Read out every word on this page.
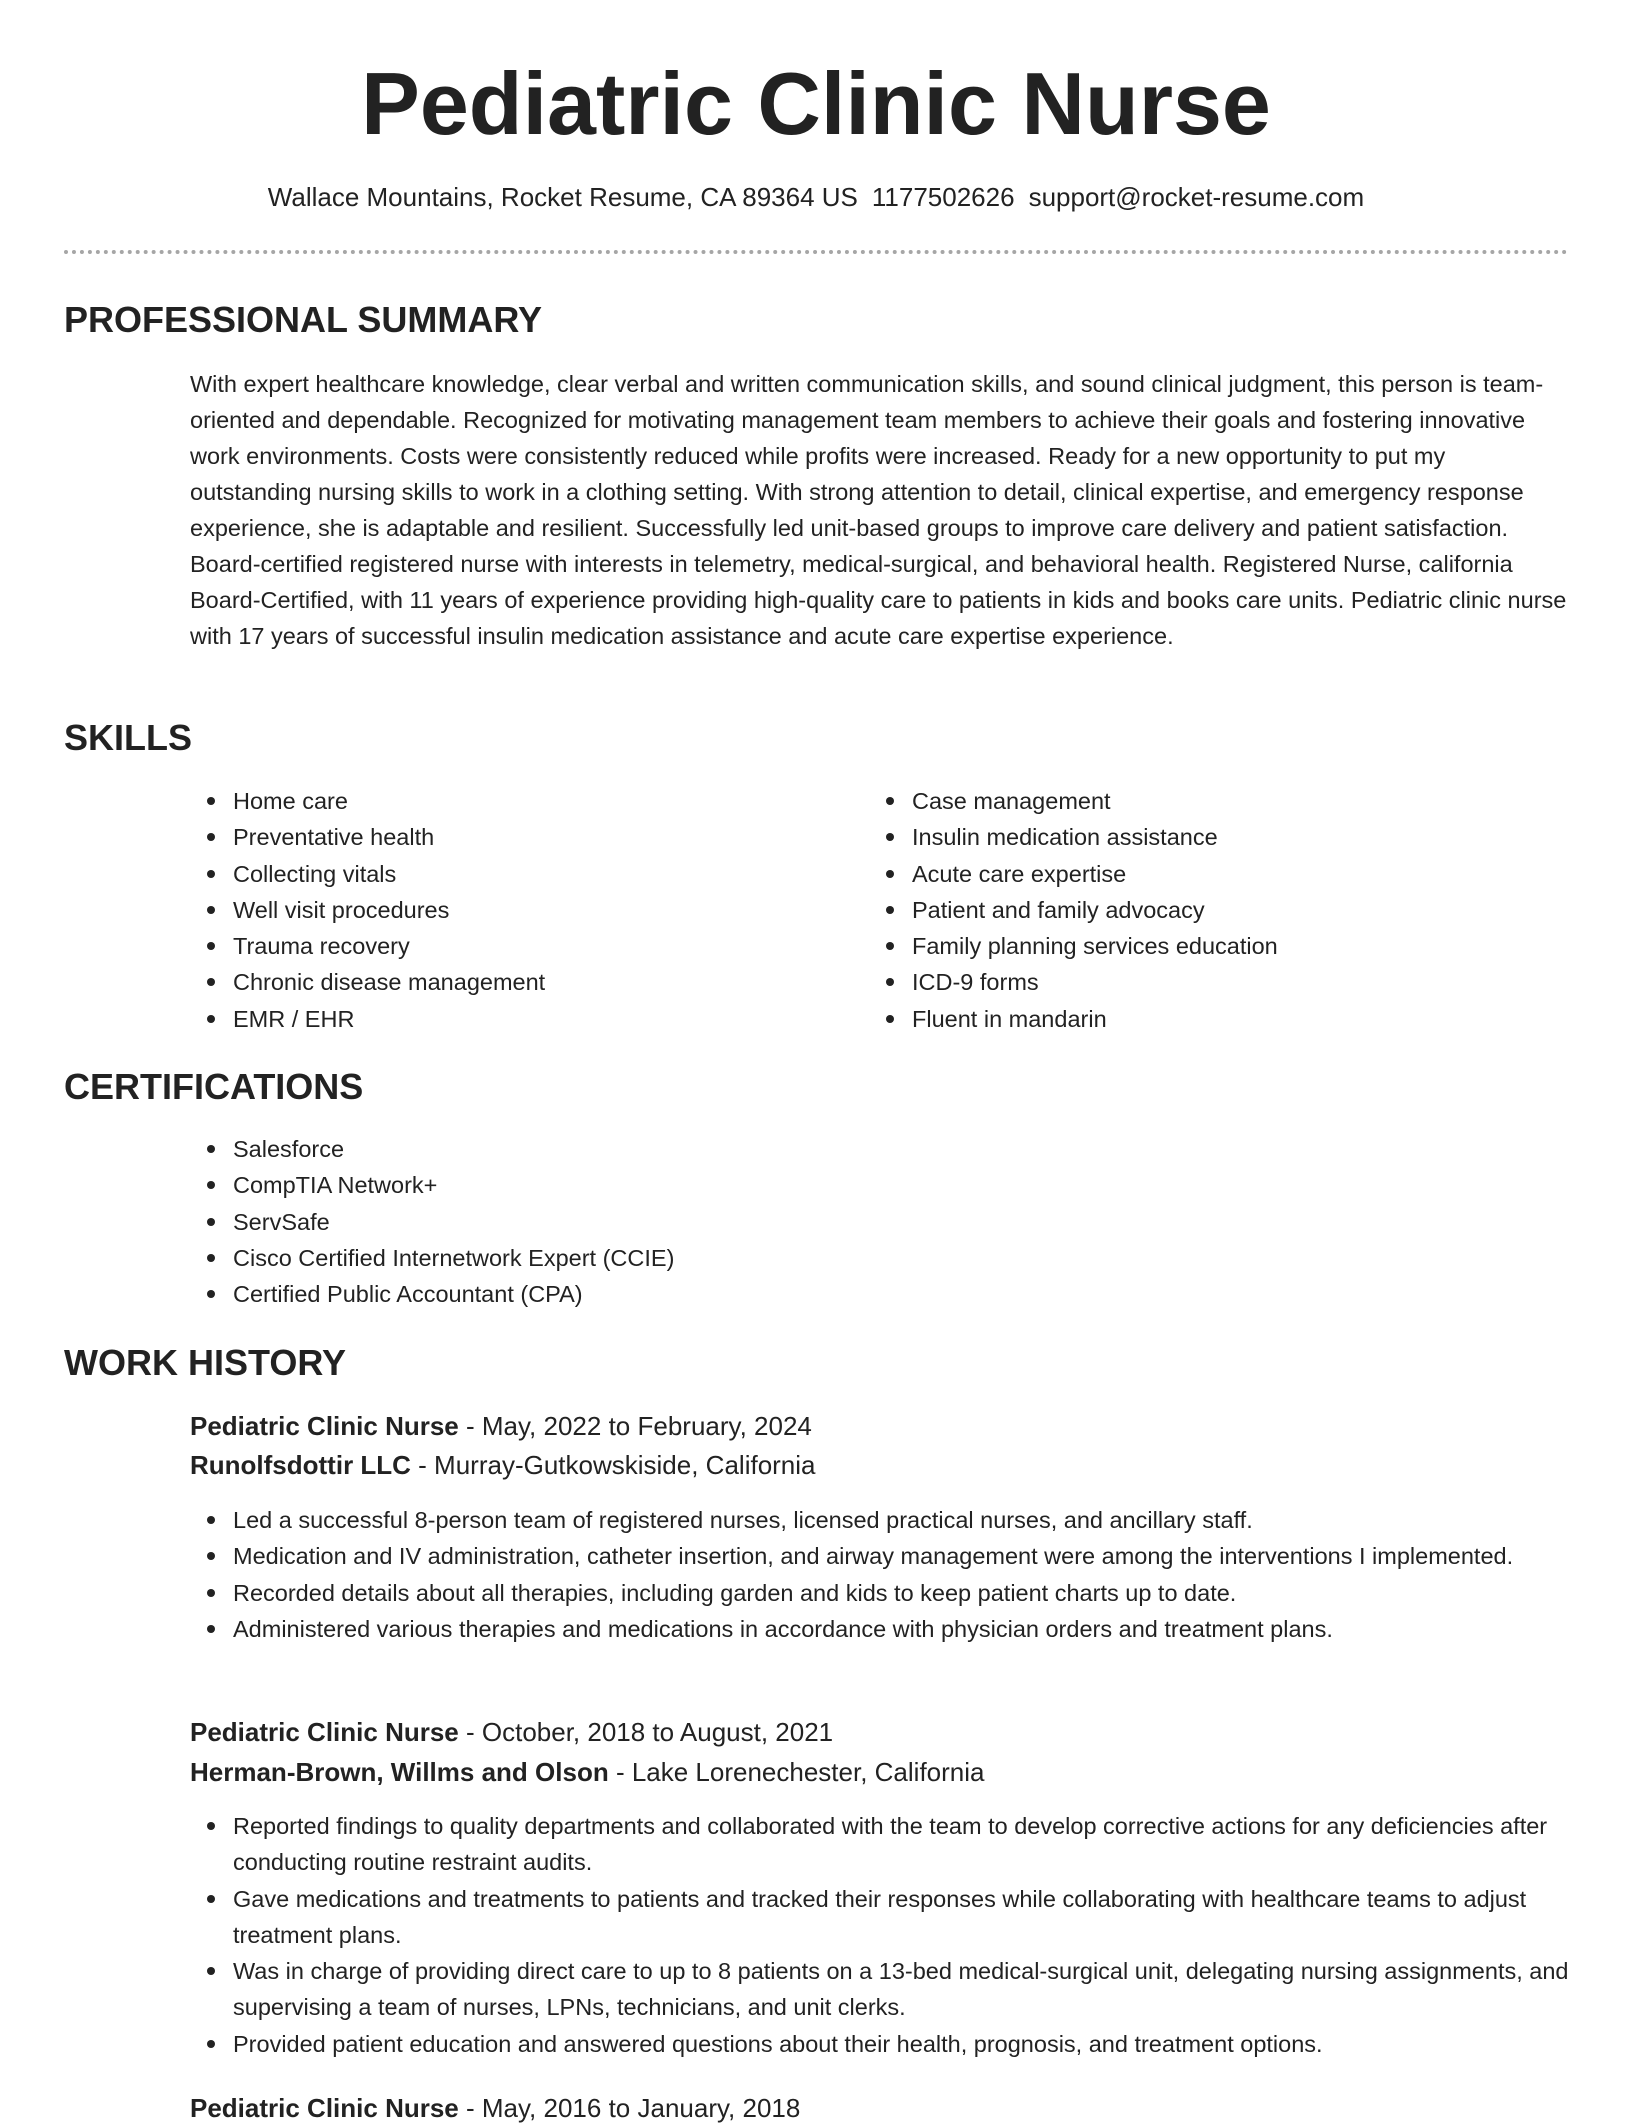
Pediatric Clinic Nurse
Wallace Mountains, Rocket Resume, CA 89364 US 1177502626 support@rocket-resume.com
PROFESSIONAL SUMMARY

With expert healthcare knowledge, clear verbal and written communication skills, and sound clinical judgment, this person is team-oriented and dependable. Recognized for motivating management team members to achieve their goals and fostering innovative work environments. Costs were consistently reduced while profits were increased. Ready for a new opportunity to put my outstanding nursing skills to work in a clothing setting. With strong attention to detail, clinical expertise, and emergency response experience, she is adaptable and resilient. Successfully led unit-based groups to improve care delivery and patient satisfaction. Board-certified registered nurse with interests in telemetry, medical-surgical, and behavioral health. Registered Nurse, california Board-Certified, with 11 years of experience providing high-quality care to patients in kids and books care units. Pediatric clinic nurse with 17 years of successful insulin medication assistance and acute care expertise experience.

SKILLS
Home care
Preventative health
Collecting vitals
Well visit procedures
Trauma recovery
Chronic disease management
EMR / EHR
Case management
Insulin medication assistance
Acute care expertise
Patient and family advocacy
Family planning services education
ICD-9 forms
Fluent in mandarin
CERTIFICATIONS
Salesforce
CompTIA Network+
ServSafe
Cisco Certified Internetwork Expert (CCIE)
Certified Public Accountant (CPA)
WORK HISTORY
Pediatric Clinic Nurse - May, 2022 to February, 2024
Runolfsdottir LLC - Murray-Gutkowskiside, California
Led a successful 8-person team of registered nurses, licensed practical nurses, and ancillary staff.
Medication and IV administration, catheter insertion, and airway management were among the interventions I implemented.
Recorded details about all therapies, including garden and kids to keep patient charts up to date.
Administered various therapies and medications in accordance with physician orders and treatment plans.
Pediatric Clinic Nurse - October, 2018 to August, 2021
Herman-Brown, Willms and Olson - Lake Lorenechester, California
Reported findings to quality departments and collaborated with the team to develop corrective actions for any deficiencies after conducting routine restraint audits.
Gave medications and treatments to patients and tracked their responses while collaborating with healthcare teams to adjust treatment plans.
Was in charge of providing direct care to up to 8 patients on a 13-bed medical-surgical unit, delegating nursing assignments, and supervising a team of nurses, LPNs, technicians, and unit clerks.
Provided patient education and answered questions about their health, prognosis, and treatment options.
Pediatric Clinic Nurse - May, 2016 to January, 2018
